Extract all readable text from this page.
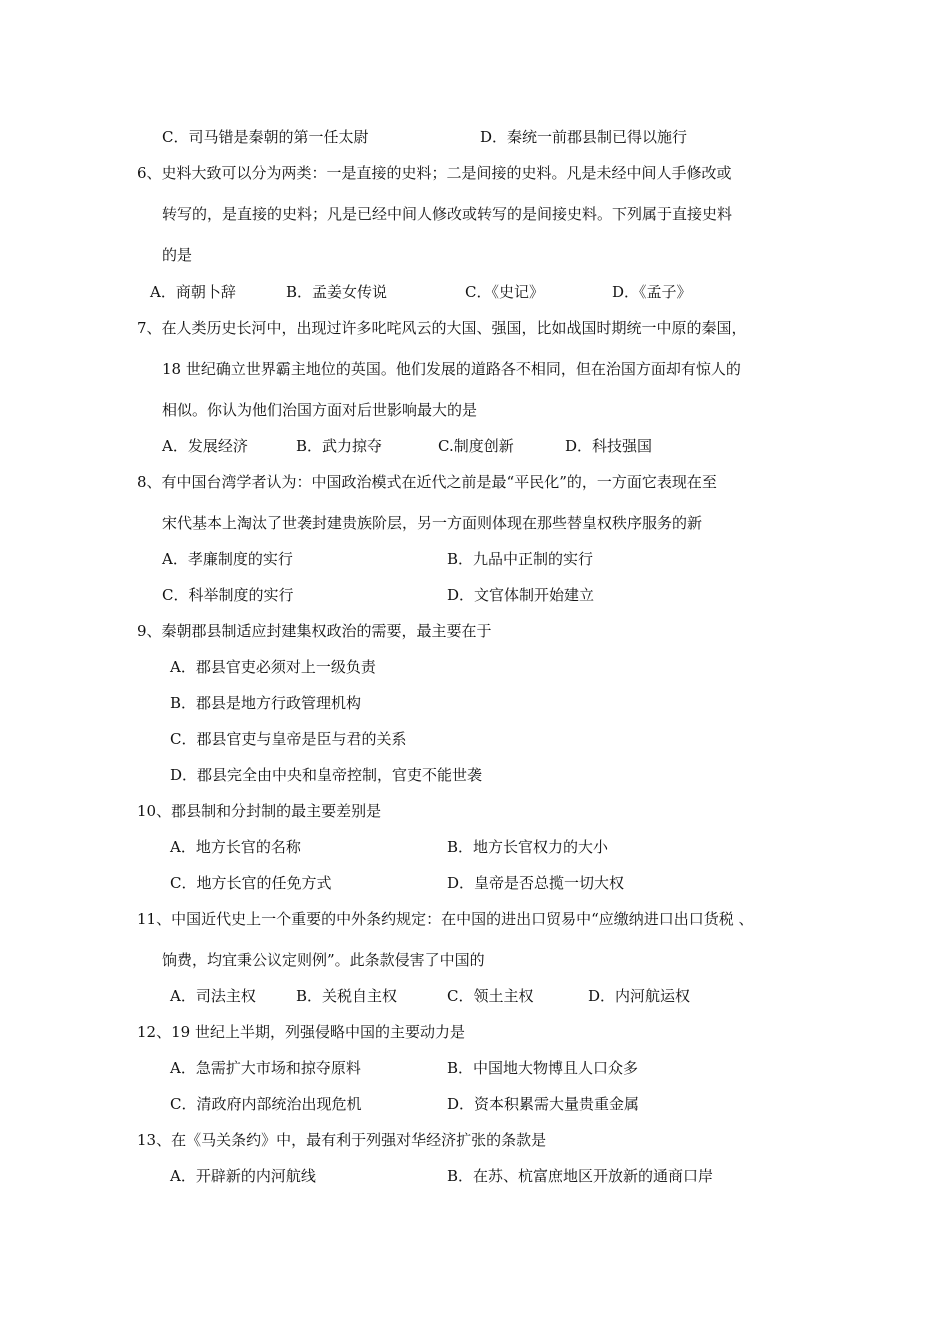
C．司马错是秦朝的第一任太尉	D．秦统一前郡县制已得以施行
6、史料大致可以分为两类：一是直接的史料；二是间接的史料。凡是未经中间人手修改或
转写的，是直接的史料；凡是已经中间人修改或转写的是间接史料。下列属于直接史料
的是
A．商朝卜辞	B．孟姜女传说	C．《史记》	D．《孟子》
7、在人类历史长河中，出现过许多叱咤风云的大国、强国，比如战国时期统一中原的秦国，
18 世纪确立世界霸主地位的英国。他们发展的道路各不相同，但在治国方面却有惊人的
相似。你认为他们治国方面对后世影响最大的是
A．发展经济	B．武力掠夺	C.制度创新	D．科技强国
8、有中国台湾学者认为：中国政治模式在近代之前是最“平民化”的，一方面它表现在至
宋代基本上淘汰了世袭封建贵族阶层，另一方面则体现在那些替皇权秩序服务的新
A．孝廉制度的实行	B．九品中正制的实行
C．科举制度的实行	D．文官体制开始建立
9、秦朝郡县制适应封建集权政治的需要，最主要在于
A．郡县官吏必须对上一级负责
B．郡县是地方行政管理机构
C．郡县官吏与皇帝是臣与君的关系
D．郡县完全由中央和皇帝控制，官吏不能世袭
10、郡县制和分封制的最主要差别是
A．地方长官的名称	B．地方长官权力的大小
C．地方长官的任免方式	D．皇帝是否总揽一切大权
11、中国近代史上一个重要的中外条约规定：在中国的进出口贸易中“应缴纳进口出口货税 、
饷费，均宜秉公议定则例”。此条款侵害了中国的
A．司法主权	B．关税自主权	C．领土主权	D．内河航运权
12、19 世纪上半期，列强侵略中国的主要动力是
A．急需扩大市场和掠夺原料	B．中国地大物博且人口众多
C．清政府内部统治出现危机	D．资本积累需大量贵重金属
13、在《马关条约》中，最有利于列强对华经济扩张的条款是
A．开辟新的内河航线	B．在苏、杭富庶地区开放新的通商口岸
